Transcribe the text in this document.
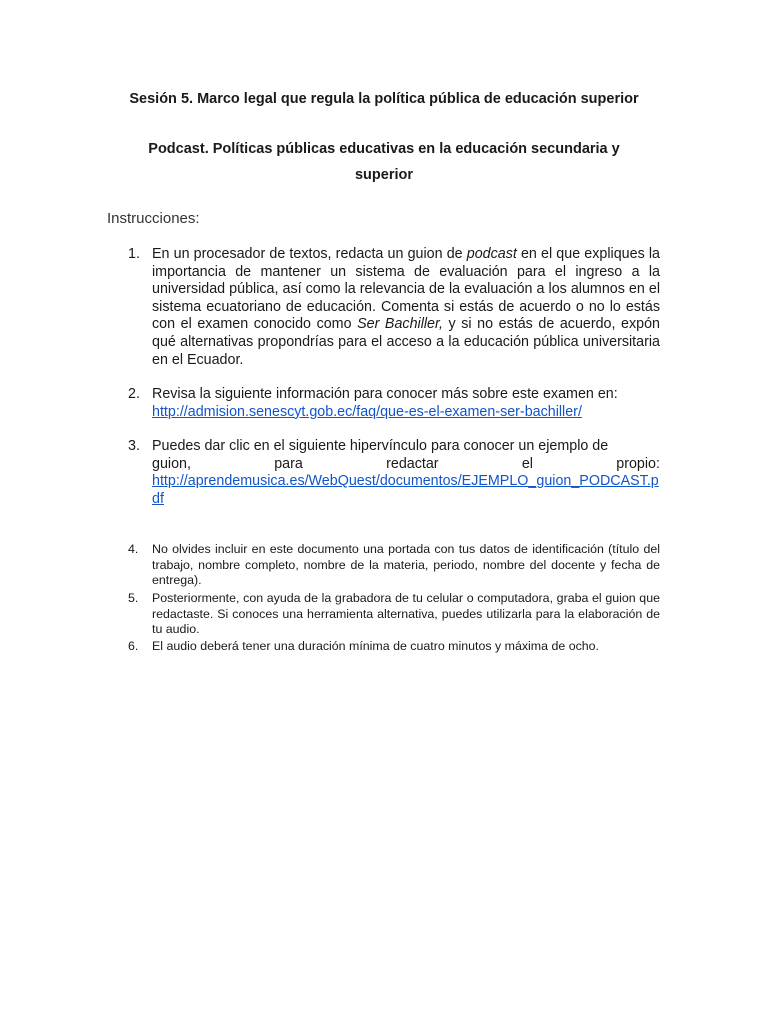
Sesión 5. Marco legal que regula la política pública de educación superior
Podcast. Políticas públicas educativas en la educación secundaria y superior
Instrucciones:
1. En un procesador de textos, redacta un guion de podcast en el que expliques la importancia de mantener un sistema de evaluación para el ingreso a la universidad pública, así como la relevancia de la evaluación a los alumnos en el sistema ecuatoriano de educación. Comenta si estás de acuerdo o no lo estás con el examen conocido como Ser Bachiller, y si no estás de acuerdo, expón qué alternativas propondrías para el acceso a la educación pública universitaria en el Ecuador.
2. Revisa la siguiente información para conocer más sobre este examen en:
http://admision.senescyt.gob.ec/faq/que-es-el-examen-ser-bachiller/
3. Puedes dar clic en el siguiente hipervínculo para conocer un ejemplo de
guion,	para	redactar	el	propio:
http://aprendemusica.es/WebQuest/documentos/EJEMPLO_guion_PODCAST.pdf
4. No olvides incluir en este documento una portada con tus datos de identificación (título del trabajo, nombre completo, nombre de la materia, periodo, nombre del docente y fecha de entrega).
5. Posteriormente, con ayuda de la grabadora de tu celular o computadora, graba el guion que redactaste. Si conoces una herramienta alternativa, puedes utilizarla para la elaboración de tu audio.
6. El audio deberá tener una duración mínima de cuatro minutos y máxima de ocho.
